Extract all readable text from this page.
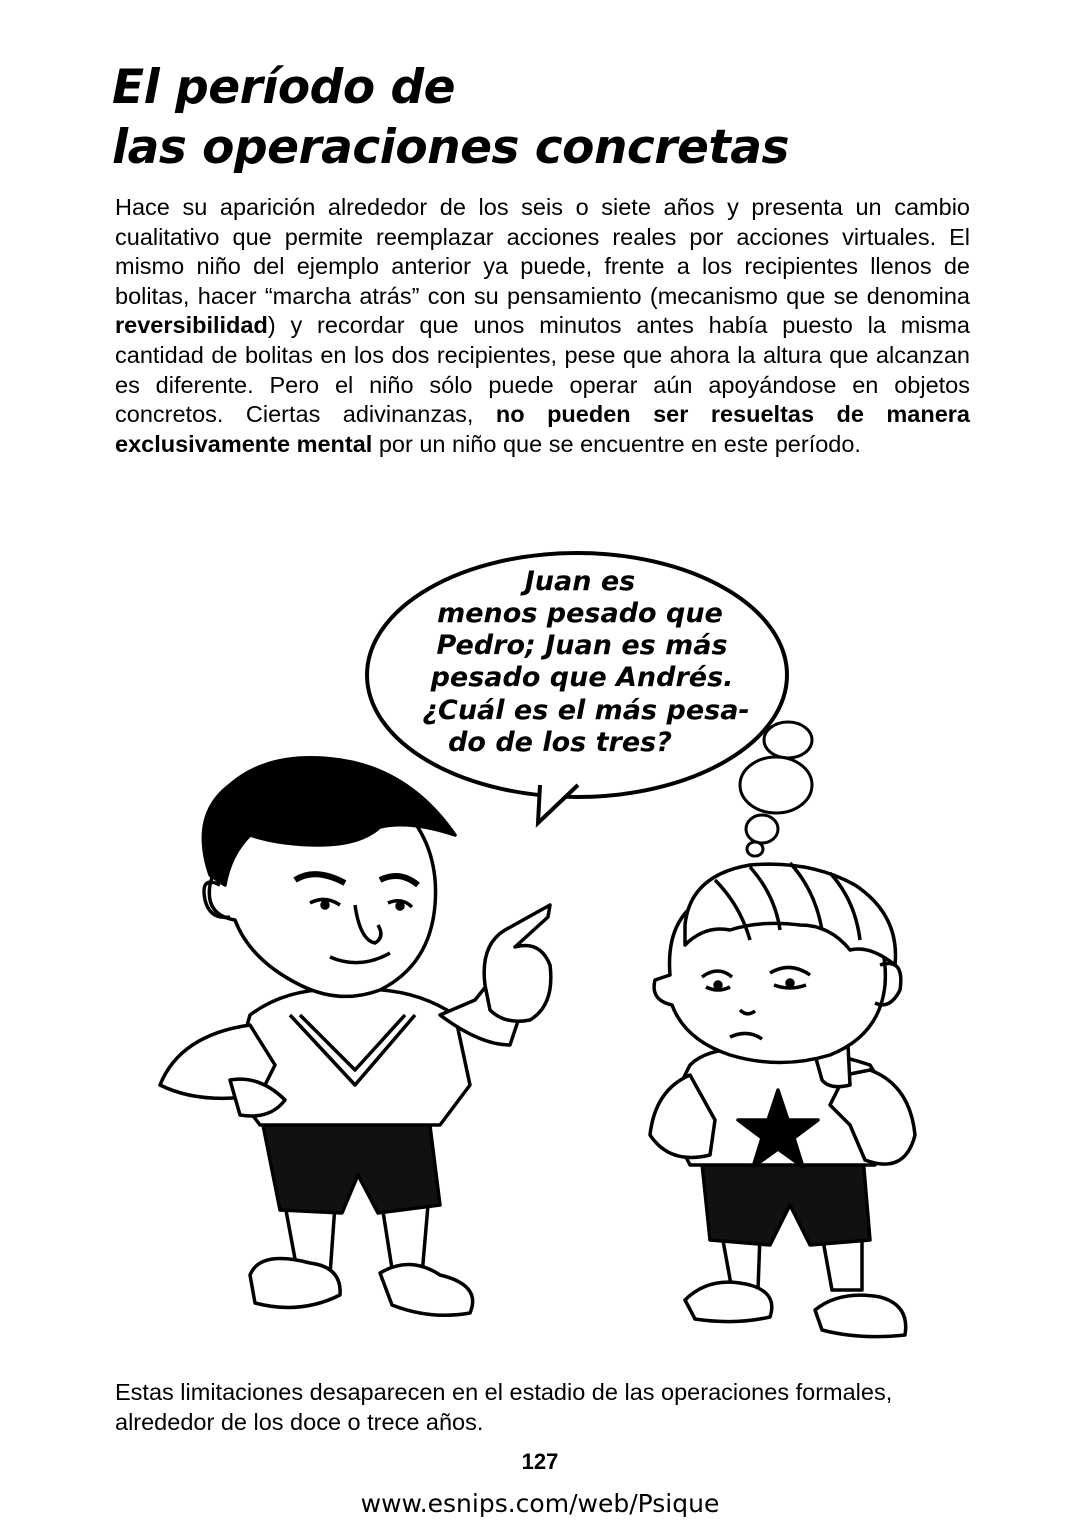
El período de
las operaciones concretas

Hace su aparición alrededor de los seis o siete años y presenta un cambio cualitativo que permite reemplazar acciones reales por acciones virtuales. El mismo niño del ejemplo anterior ya puede, frente a los recipientes llenos de bolitas, hacer “marcha atrás” con su pensamiento (mecanismo que se denomina reversibilidad) y recordar que unos minutos antes había puesto la misma cantidad de bolitas en los dos recipientes, pese que ahora la altura que alcanzan es diferente. Pero el niño sólo puede operar aún apoyándose en objetos concretos. Ciertas adivinanzas, no pueden ser resueltas de manera exclusivamente mental por un niño que se encuentre en este período.

Juan es
menos pesado que
Pedro; Juan es más
pesado que Andrés.
¿Cuál es el más pesa-
do de los tres?

Estas limitaciones desaparecen en el estadio de las operaciones formales, alrededor de los doce o trece años.

127
www.esnips.com/web/Psique
